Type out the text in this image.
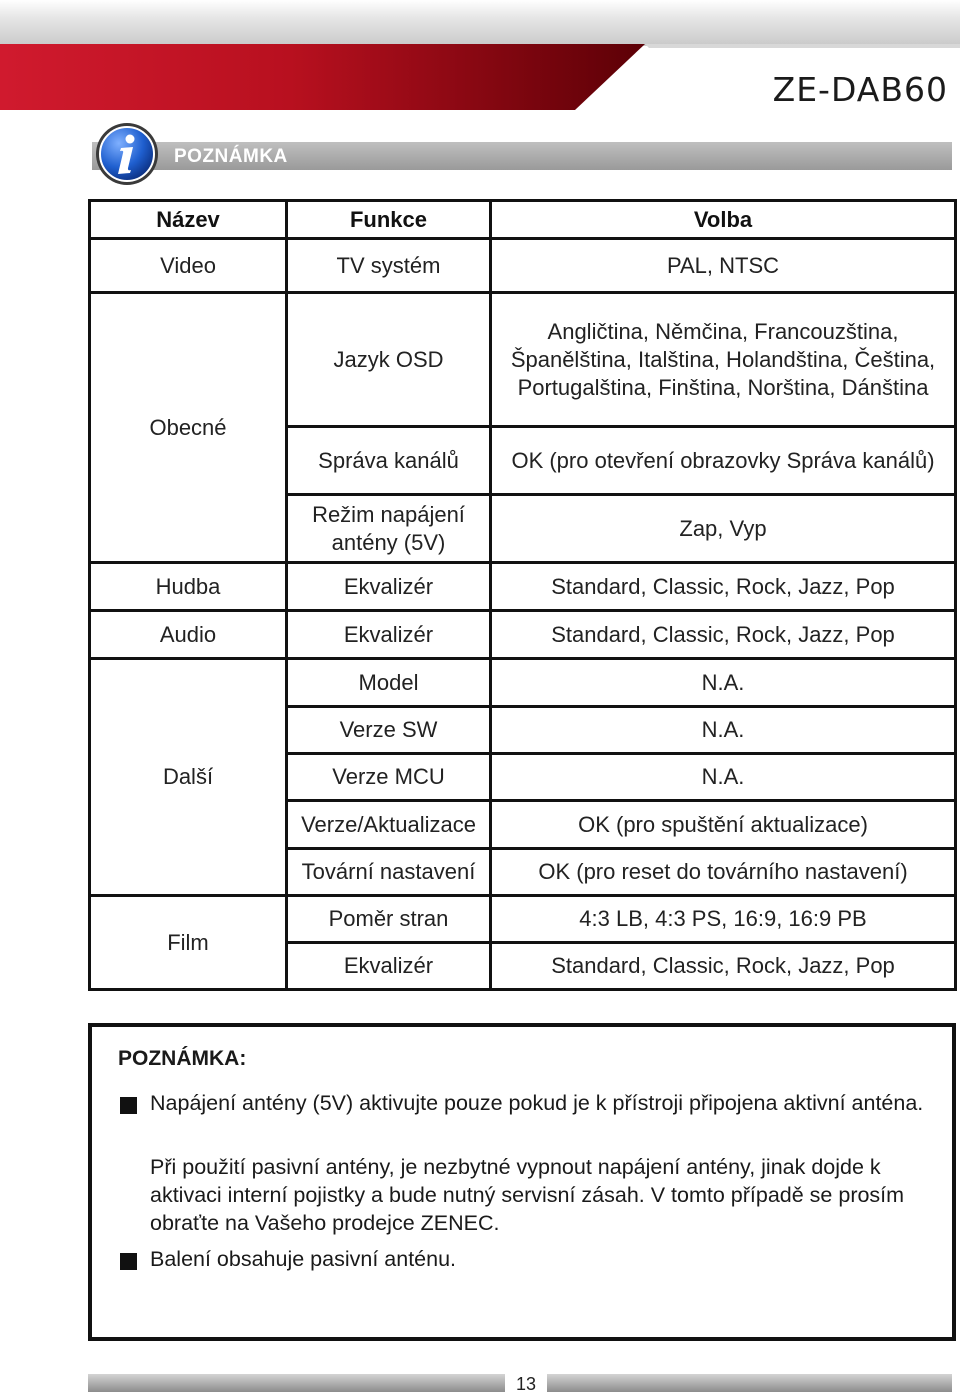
ZE-DAB60
POZNÁMKA
Název	Funkce	Volba
Video	TV systém	PAL, NTSC
Obecné	Jazyk OSD	Angličtina, Němčina, Francouzština, Španělština, Italština, Holandština, Čeština, Portugalština, Finština, Norština, Dánština
	Správa kanálů	OK (pro otevření obrazovky Správa kanálů)
	Režim napájení antény (5V)	Zap, Vyp
Hudba	Ekvalizér	Standard, Classic, Rock, Jazz, Pop
Audio	Ekvalizér	Standard, Classic, Rock, Jazz, Pop
Další	Model	N.A.
	Verze SW	N.A.
	Verze MCU	N.A.
	Verze/Aktualizace	OK (pro spuštění aktualizace)
	Tovární nastavení	OK (pro reset do továrního nastavení)
Film	Poměr stran	4:3 LB, 4:3 PS, 16:9, 16:9 PB
	Ekvalizér	Standard, Classic, Rock, Jazz, Pop
POZNÁMKA:
Napájení antény (5V) aktivujte pouze pokud je k přístroji připojena aktivní anténa.
Při použití pasivní antény, je nezbytné vypnout napájení antény, jinak dojde k aktivaci interní pojistky a bude nutný servisní zásah. V tomto případě se prosím obraťte na Vašeho prodejce ZENEC.
Balení obsahuje pasivní anténu.
13
